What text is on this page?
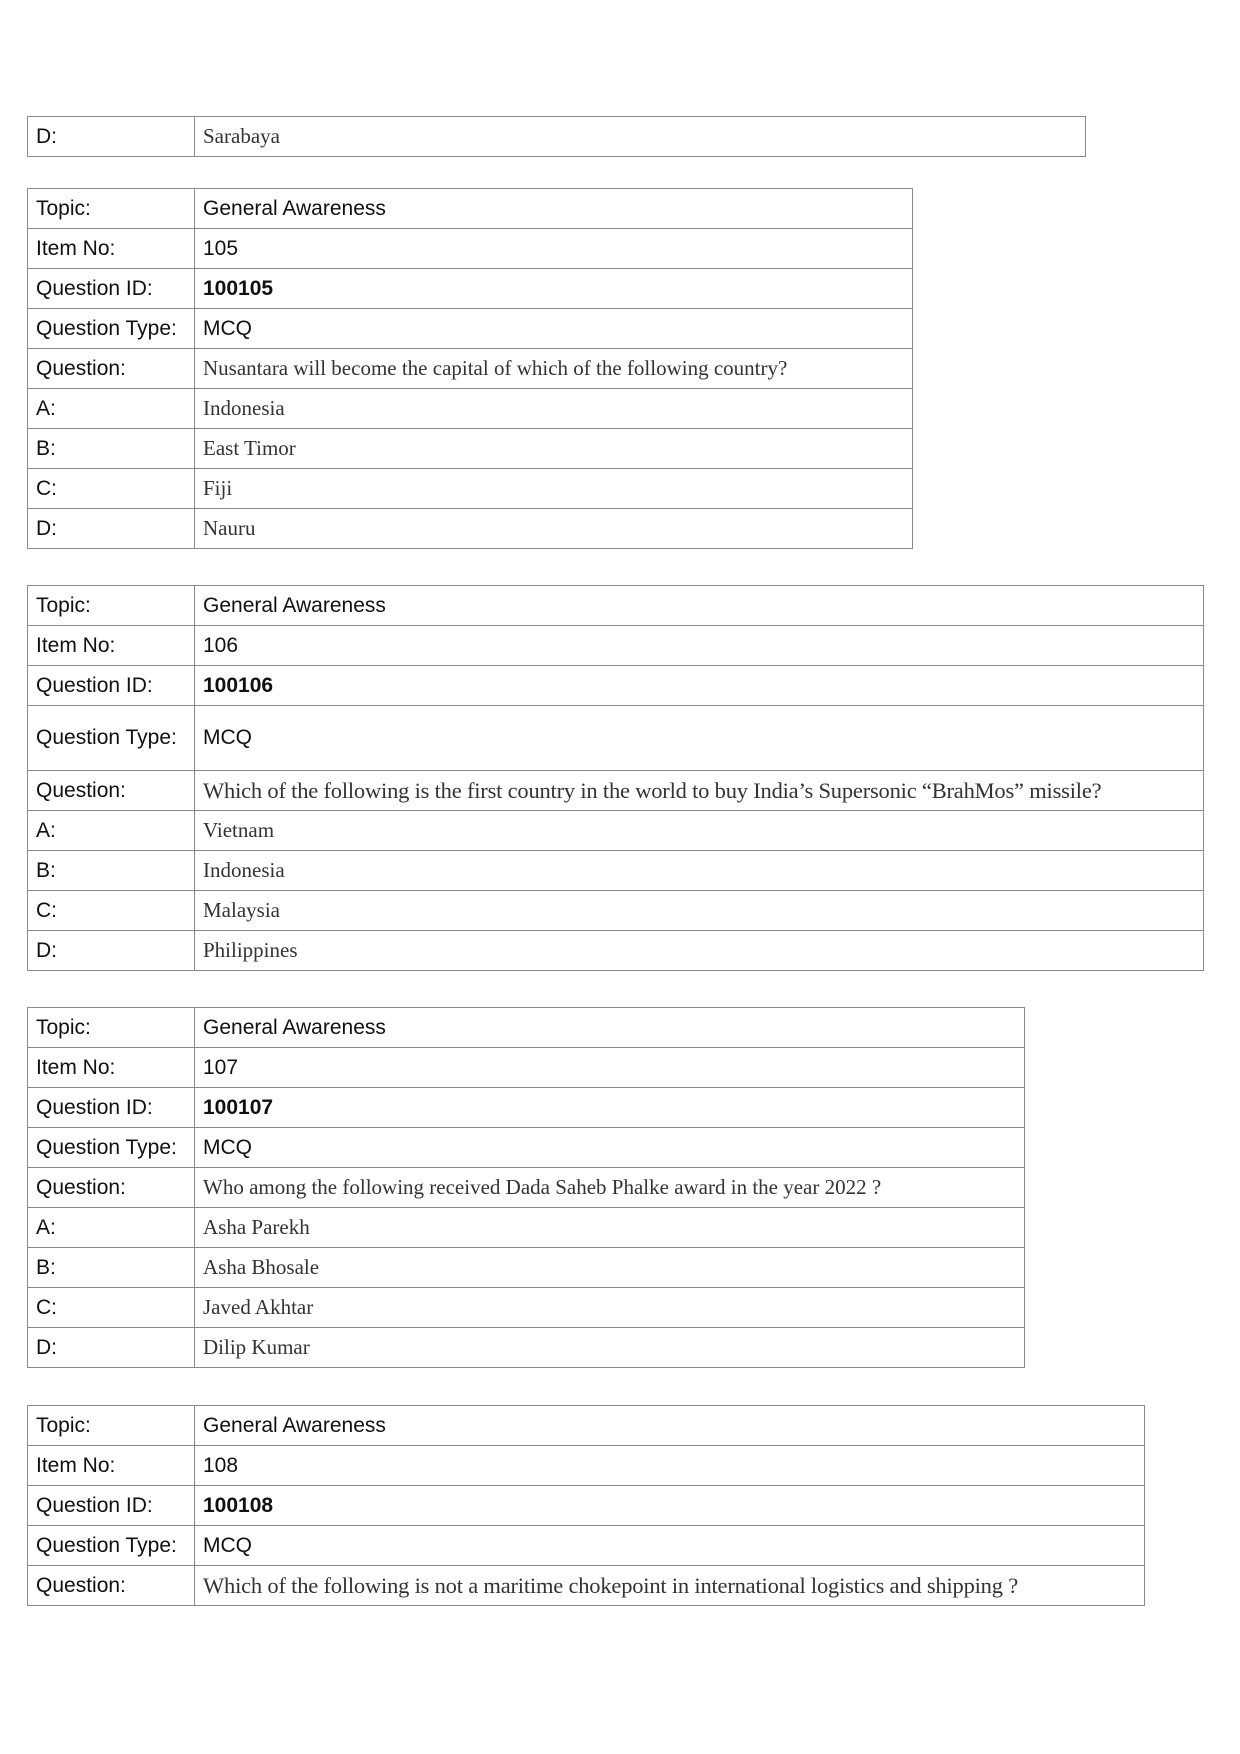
D:	Sarabaya
Topic:	General Awareness
Item No:	105
Question ID:	100105
Question Type:	MCQ
Question:	Nusantara will become the capital of which of the following country?
A:	Indonesia
B:	East Timor
C:	Fiji
D:	Nauru
Topic:	General Awareness
Item No:	106
Question ID:	100106
Question Type:	MCQ
Question:	Which of the following is the first country in the world to buy India’s Supersonic “BrahMos” missile?
A:	Vietnam
B:	Indonesia
C:	Malaysia
D:	Philippines
Topic:	General Awareness
Item No:	107
Question ID:	100107
Question Type:	MCQ
Question:	Who among the following received Dada Saheb Phalke award in the year 2022 ?
A:	Asha Parekh
B:	Asha Bhosale
C:	Javed Akhtar
D:	Dilip Kumar
Topic:	General Awareness
Item No:	108
Question ID:	100108
Question Type:	MCQ
Question:	Which of the following is not a maritime chokepoint in international logistics and shipping ?
